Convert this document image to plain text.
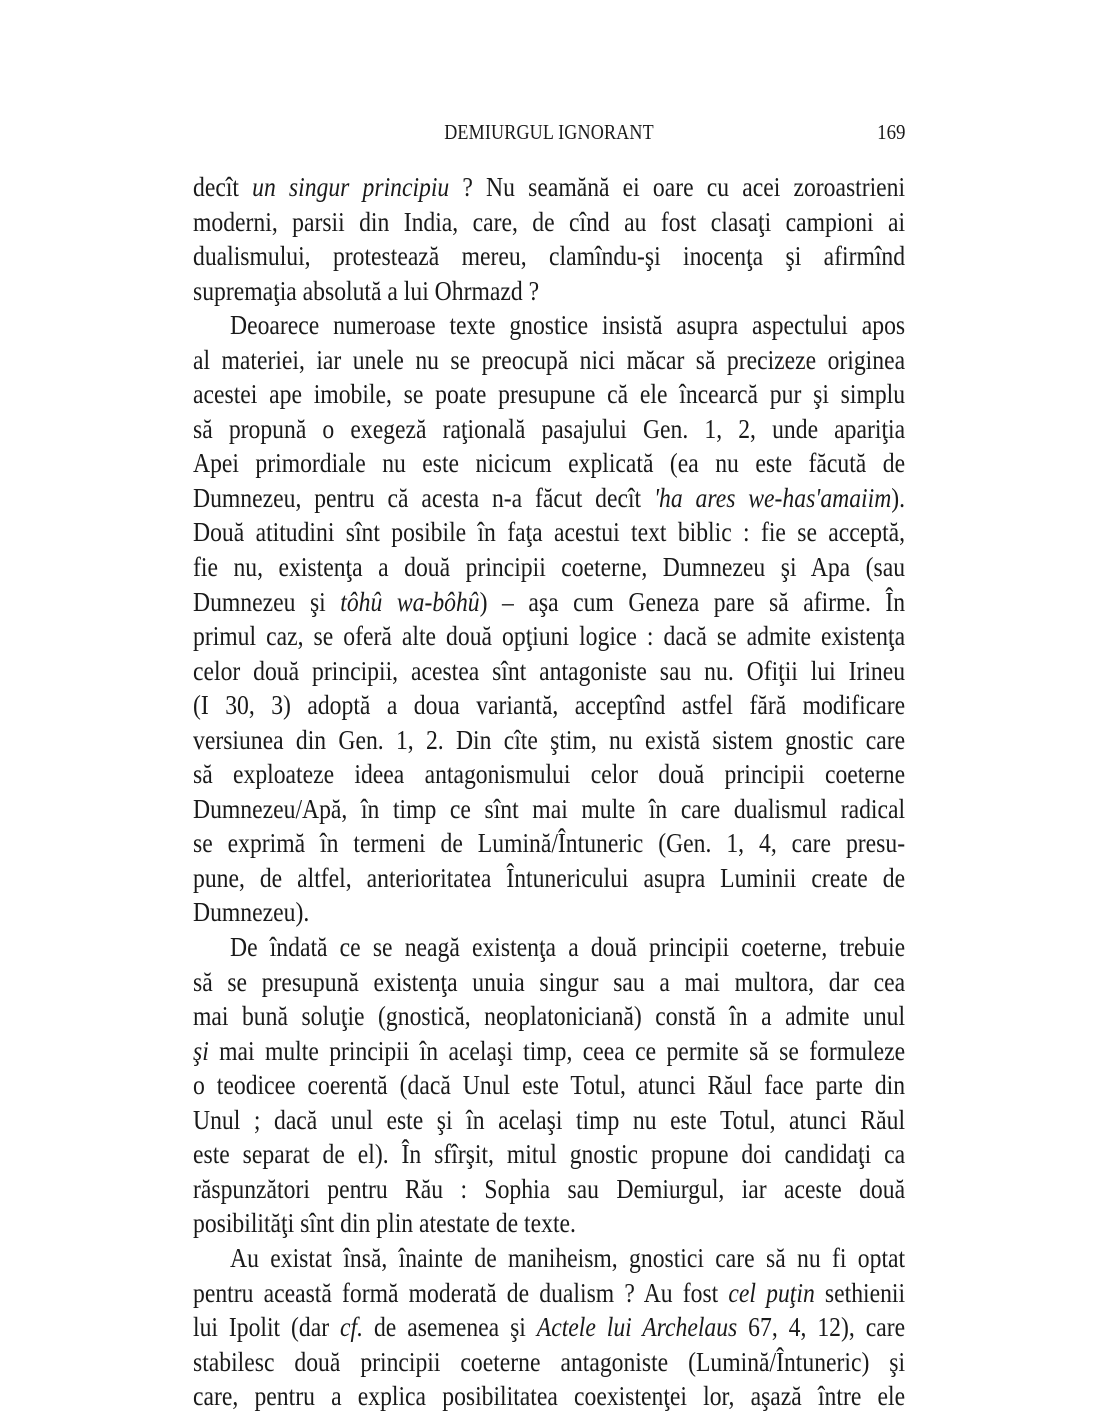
DEMIURGUL IGNORANT	169
decît un singur principiu ? Nu seamănă ei oare cu acei zoroastrieni
moderni, parsii din India, care, de cînd au fost clasaţi campioni ai
dualismului, protestează mereu, clamîndu-şi inocenţa şi afirmînd
supremaţia absolută a lui Ohrmazd ?
Deoarece numeroase texte gnostice insistă asupra aspectului apos
al materiei, iar unele nu se preocupă nici măcar să precizeze originea
acestei ape imobile, se poate presupune că ele încearcă pur şi simplu
să propună o exegeză raţională pasajului Gen. 1, 2, unde apariţia
Apei primordiale nu este nicicum explicată (ea nu este făcută de
Dumnezeu, pentru că acesta n-a făcut decît 'ha ares we-has'amaiim).
Două atitudini sînt posibile în faţa acestui text biblic : fie se acceptă,
fie nu, existenţa a două principii coeterne, Dumnezeu şi Apa (sau
Dumnezeu şi tôhû wa-bôhû) – aşa cum Geneza pare să afirme. În
primul caz, se oferă alte două opţiuni logice : dacă se admite existenţa
celor două principii, acestea sînt antagoniste sau nu. Ofiţii lui Irineu
(I 30, 3) adoptă a doua variantă, acceptînd astfel fără modificare
versiunea din Gen. 1, 2. Din cîte ştim, nu există sistem gnostic care
să exploateze ideea antagonismului celor două principii coeterne
Dumnezeu/Apă, în timp ce sînt mai multe în care dualismul radical
se exprimă în termeni de Lumină/Întuneric (Gen. 1, 4, care presu-
pune, de altfel, anterioritatea Întunericului asupra Luminii create de
Dumnezeu).
De îndată ce se neagă existenţa a două principii coeterne, trebuie
să se presupună existenţa unuia singur sau a mai multora, dar cea
mai bună soluţie (gnostică, neoplatoniciană) constă în a admite unul
şi mai multe principii în acelaşi timp, ceea ce permite să se formuleze
o teodicee coerentă (dacă Unul este Totul, atunci Răul face parte din
Unul ; dacă unul este şi în acelaşi timp nu este Totul, atunci Răul
este separat de el). În sfîrşit, mitul gnostic propune doi candidaţi ca
răspunzători pentru Rău : Sophia sau Demiurgul, iar aceste două
posibilităţi sînt din plin atestate de texte.
Au existat însă, înainte de maniheism, gnostici care să nu fi optat
pentru această formă moderată de dualism ? Au fost cel puţin sethienii
lui Ipolit (dar cf. de asemenea şi Actele lui Archelaus 67, 4, 12), care
stabilesc două principii coeterne antagoniste (Lumină/Întuneric) şi
care, pentru a explica posibilitatea coexistenţei lor, aşază între ele
